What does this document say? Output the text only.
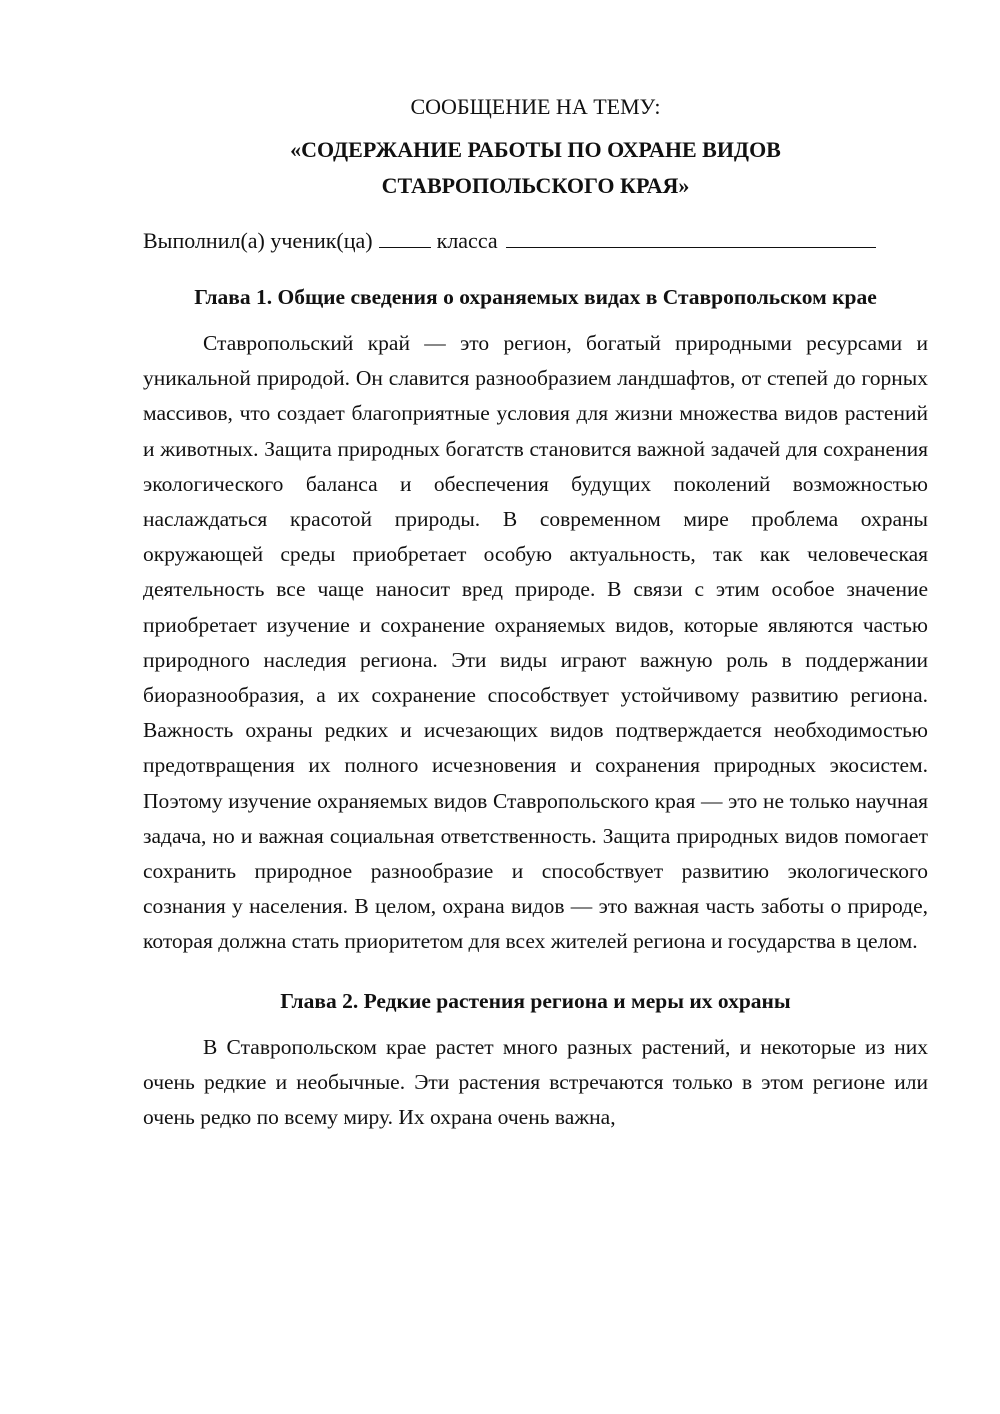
СООБЩЕНИЕ НА ТЕМУ:

«СОДЕРЖАНИЕ РАБОТЫ ПО ОХРАНЕ ВИДОВ
СТАВРОПОЛЬСКОГО КРАЯ»

Выполнил(а) ученик(ца)	класса
Глава 1. Общие сведения о охраняемых видах в Ставропольском крае

Ставропольский край — это регион, богатый природными ресурсами и уникальной природой. Он славится разнообразием ландшафтов, от степей до горных массивов, что создает благоприятные условия для жизни множества видов растений и животных. Защита природных богатств становится важной задачей для сохранения экологического баланса и обеспечения будущих поколений возможностью наслаждаться красотой природы. В современном мире проблема охраны окружающей среды приобретает особую актуальность, так как человеческая деятельность все чаще наносит вред природе. В связи с этим особое значение приобретает изучение и сохранение охраняемых видов, которые являются частью природного наследия региона. Эти виды играют важную роль в поддержании биоразнообразия, а их сохранение способствует устойчивому развитию региона. Важность охраны редких и исчезающих видов подтверждается необходимостью предотвращения их полного исчезновения и сохранения природных экосистем. Поэтому изучение охраняемых видов Ставропольского края — это не только научная задача, но и важная социальная ответственность. Защита природных видов помогает сохранить природное разнообразие и способствует развитию экологического сознания у населения. В целом, охрана видов — это важная часть заботы о природе, которая должна стать приоритетом для всех жителей региона и государства в целом.

Глава 2. Редкие растения региона и меры их охраны

В Ставропольском крае растет много разных растений, и некоторые из них очень редкие и необычные. Эти растения встречаются только в этом регионе или очень редко по всему миру. Их охрана очень важна,
